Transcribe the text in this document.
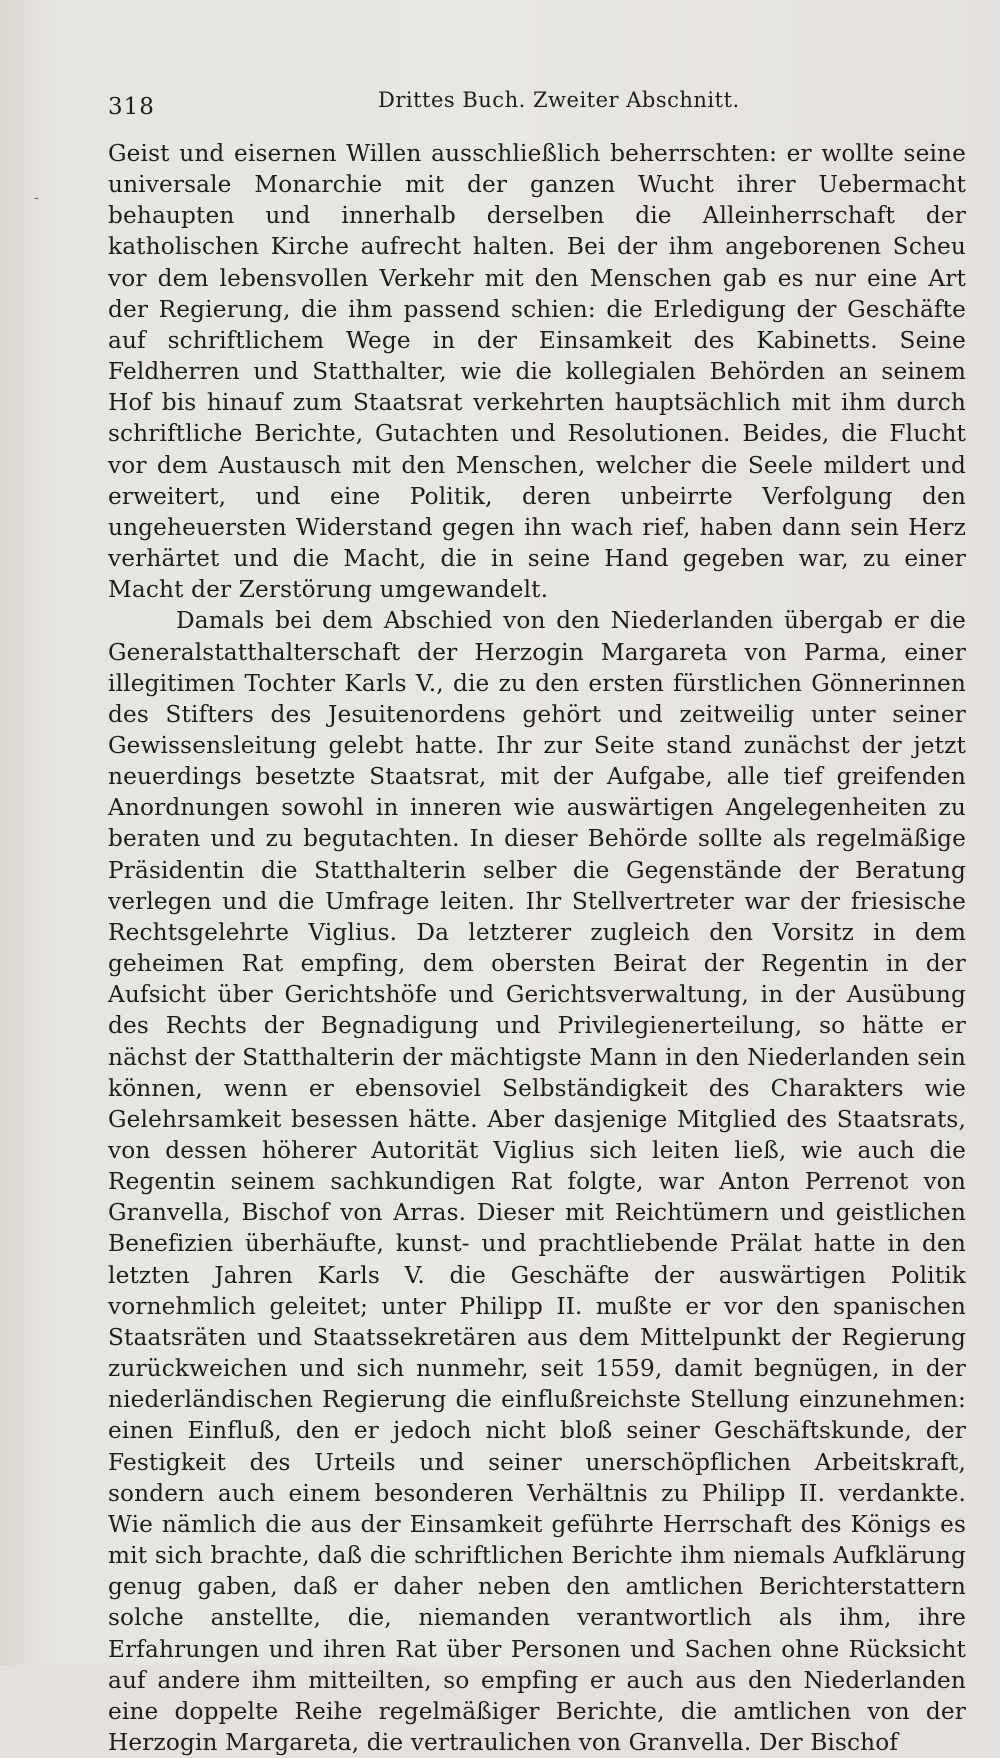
-
318	Drittes Buch. Zweiter Abschnitt.

Geist und eisernen Willen ausschließlich beherrschten: er wollte seine universale Monarchie mit der ganzen Wucht ihrer Uebermacht behaupten und innerhalb derselben die Alleinherrschaft der katholischen Kirche aufrecht halten. Bei der ihm angeborenen Scheu vor dem lebensvollen Verkehr mit den Menschen gab es nur eine Art der Regierung, die ihm passend schien: die Erledigung der Geschäfte auf schriftlichem Wege in der Einsamkeit des Kabinetts. Seine Feldherren und Statthalter, wie die kollegialen Behörden an seinem Hof bis hinauf zum Staatsrat verkehrten hauptsächlich mit ihm durch schriftliche Berichte, Gutachten und Resolutionen. Beides, die Flucht vor dem Austausch mit den Menschen, welcher die Seele mildert und erweitert, und eine Politik, deren unbeirrte Verfolgung den ungeheuersten Widerstand gegen ihn wach rief, haben dann sein Herz verhärtet und die Macht, die in seine Hand gegeben war, zu einer Macht der Zerstörung umgewandelt.

Damals bei dem Abschied von den Niederlanden übergab er die Generalstatthalterschaft der Herzogin Margareta von Parma, einer illegitimen Tochter Karls V., die zu den ersten fürstlichen Gönnerinnen des Stifters des Jesuitenordens gehört und zeitweilig unter seiner Gewissensleitung gelebt hatte. Ihr zur Seite stand zunächst der jetzt neuerdings besetzte Staatsrat, mit der Aufgabe, alle tief greifenden Anordnungen sowohl in inneren wie auswärtigen Angelegenheiten zu beraten und zu begutachten. In dieser Behörde sollte als regelmäßige Präsidentin die Statthalterin selber die Gegenstände der Beratung verlegen und die Umfrage leiten. Ihr Stellvertreter war der friesische Rechtsgelehrte Viglius. Da letzterer zugleich den Vorsitz in dem geheimen Rat empfing, dem obersten Beirat der Regentin in der Aufsicht über Gerichtshöfe und Gerichtsverwaltung, in der Ausübung des Rechts der Begnadigung und Privilegienerteilung, so hätte er nächst der Statthalterin der mächtigste Mann in den Niederlanden sein können, wenn er ebensoviel Selbständigkeit des Charakters wie Gelehrsamkeit besessen hätte. Aber dasjenige Mitglied des Staatsrats, von dessen höherer Autorität Viglius sich leiten ließ, wie auch die Regentin seinem sachkundigen Rat folgte, war Anton Perrenot von Granvella, Bischof von Arras. Dieser mit Reichtümern und geistlichen Benefizien überhäufte, kunst- und prachtliebende Prälat hatte in den letzten Jahren Karls V. die Geschäfte der auswärtigen Politik vornehmlich geleitet; unter Philipp II. mußte er vor den spanischen Staatsräten und Staatssekretären aus dem Mittelpunkt der Regierung zurückweichen und sich nunmehr, seit 1559, damit begnügen, in der niederländischen Regierung die einflußreichste Stellung einzunehmen: einen Einfluß, den er jedoch nicht bloß seiner Geschäftskunde, der Festigkeit des Urteils und seiner unerschöpflichen Arbeitskraft, sondern auch einem besonderen Verhältnis zu Philipp II. verdankte. Wie nämlich die aus der Einsamkeit geführte Herrschaft des Königs es mit sich brachte, daß die schriftlichen Berichte ihm niemals Aufklärung genug gaben, daß er daher neben den amtlichen Berichterstattern solche anstellte, die, niemanden verantwortlich als ihm, ihre Erfahrungen und ihren Rat über Personen und Sachen ohne Rücksicht auf andere ihm mitteilten, so empfing er auch aus den Niederlanden eine doppelte Reihe regelmäßiger Berichte, die amtlichen von der Herzogin Margareta, die vertraulichen von Granvella. Der Bischof
